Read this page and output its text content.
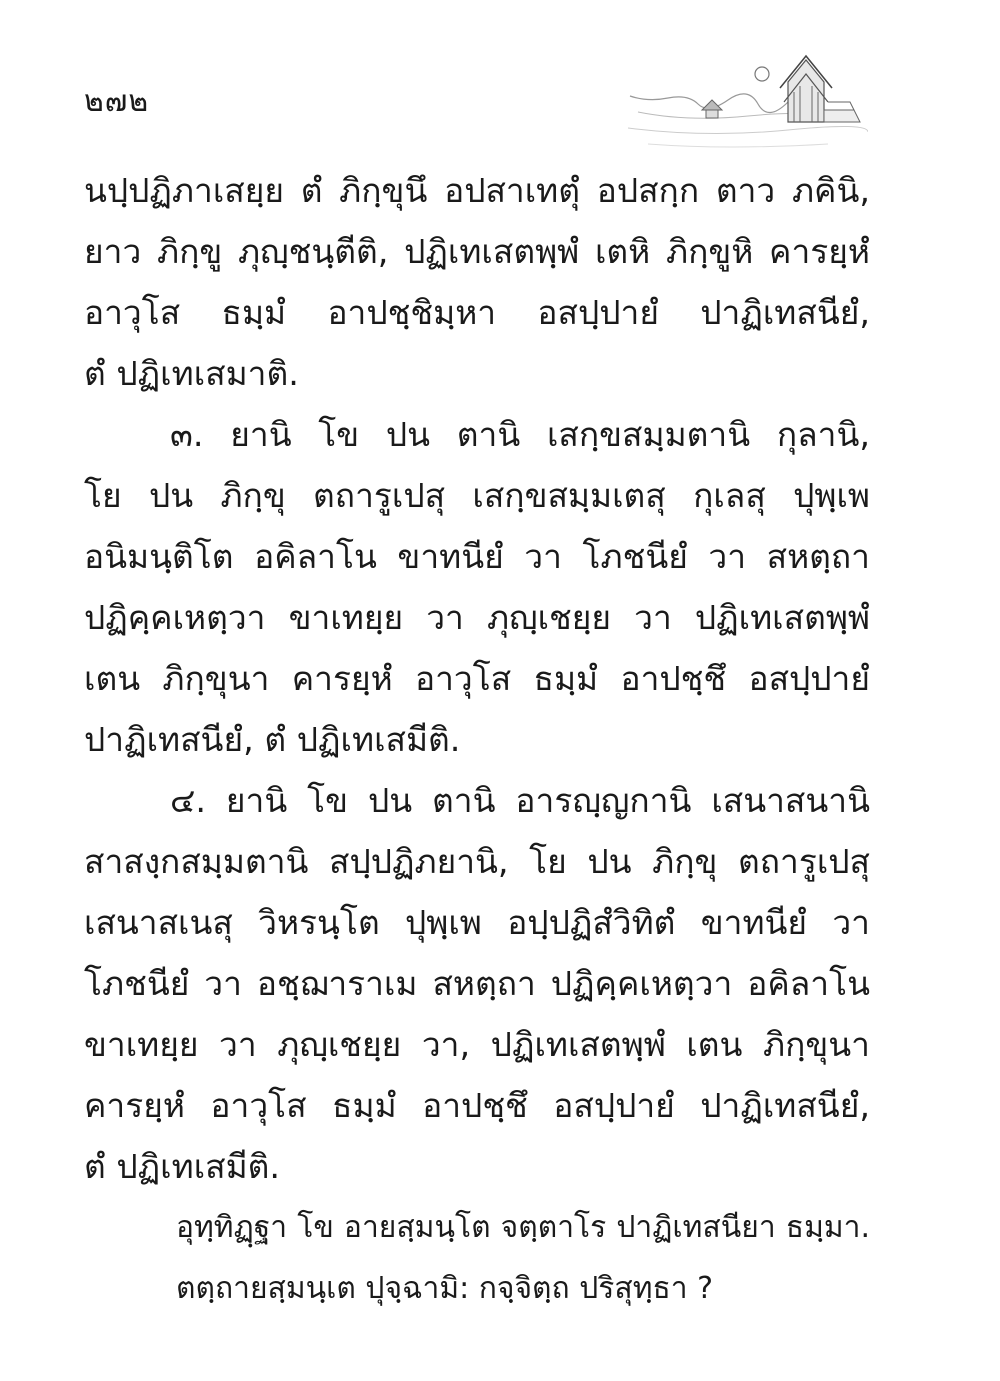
๒๗๒
นปฺปฏิภาเสยฺย ตํ ภิกฺขุนึ อปสาเทตุํ อปสกฺก ตาว ภคินิ,
ยาว ภิกฺขู ภุญฺชนฺตีติ, ปฏิเทเสตพฺพํ เตหิ ภิกฺขูหิ คารยฺหํ
อาวุโส ธมฺมํ อาปชฺชิมฺหา อสปฺปายํ ปาฏิเทสนียํ,
ตํ ปฏิเทเสมาติ.
๓. ยานิ โข ปน ตานิ เสกฺขสมฺมตานิ กุลานิ,
โย ปน ภิกฺขุ ตถารูเปสุ เสกฺขสมฺมเตสุ กุเลสุ ปุพฺเพ
อนิมนฺติโต อคิลาโน ขาทนียํ วา โภชนียํ วา สหตฺถา
ปฏิคฺคเหตฺวา ขาเทยฺย วา ภุญฺเชยฺย วา ปฏิเทเสตพฺพํ
เตน ภิกฺขุนา คารยฺหํ อาวุโส ธมฺมํ อาปชฺชึ อสปฺปายํ
ปาฏิเทสนียํ, ตํ ปฏิเทเสมีติ.
๔. ยานิ โข ปน ตานิ อารญฺญกานิ เสนาสนานิ
สาสงฺกสมฺมตานิ สปฺปฏิภยานิ, โย ปน ภิกฺขุ ตถารูเปสุ
เสนาสเนสุ วิหรนฺโต ปุพฺเพ อปฺปฏิสํวิทิตํ ขาทนียํ วา
โภชนียํ วา อชฺฌาราเม สหตฺถา ปฏิคฺคเหตฺวา อคิลาโน
ขาเทยฺย วา ภุญฺเชยฺย วา, ปฏิเทเสตพฺพํ เตน ภิกฺขุนา
คารยฺหํ อาวุโส ธมฺมํ อาปชฺชึ อสปฺปายํ ปาฏิเทสนียํ,
ตํ ปฏิเทเสมีติ.
อุทฺทิฏฺฐา โข อายสฺมนฺโต จตฺตาโร ปาฏิเทสนียา ธมฺมา.
ตตฺถายสฺมนฺเต ปุจฺฉามิ: กจฺจิตฺถ ปริสุทฺธา ?
